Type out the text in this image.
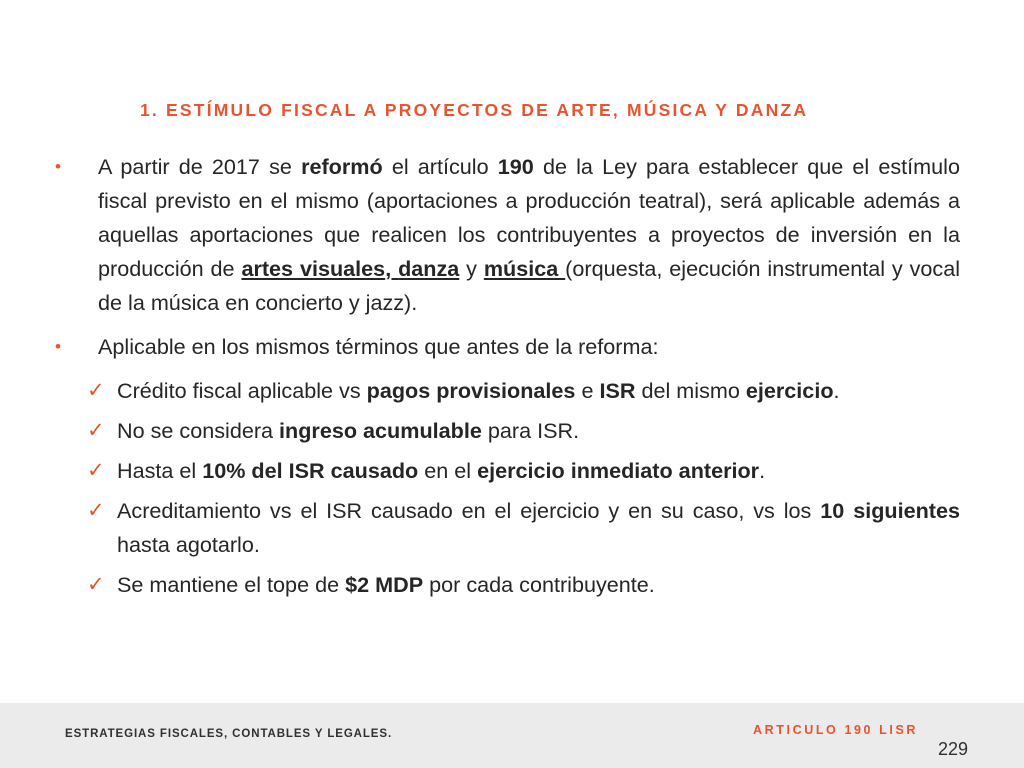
1. ESTÍMULO FISCAL A PROYECTOS DE ARTE, MÚSICA Y DANZA
• A partir de 2017 se reformó el artículo 190 de la Ley para establecer que el estímulo fiscal previsto en el mismo (aportaciones a producción teatral), será aplicable además a aquellas aportaciones que realicen los contribuyentes a proyectos de inversión en la producción de artes visuales, danza y música (orquesta, ejecución instrumental y vocal de la música en concierto y jazz).
• Aplicable en los mismos términos que antes de la reforma:
✓ Crédito fiscal aplicable vs pagos provisionales e ISR del mismo ejercicio.
✓ No se considera ingreso acumulable para ISR.
✓ Hasta el 10% del ISR causado en el ejercicio inmediato anterior.
✓ Acreditamiento vs el ISR causado en el ejercicio y en su caso, vs los 10 siguientes hasta agotarlo.
✓ Se mantiene el tope de $2 MDP por cada contribuyente.
ESTRATEGIAS FISCALES, CONTABLES Y LEGALES.	ARTICULO 190 LISR
229
